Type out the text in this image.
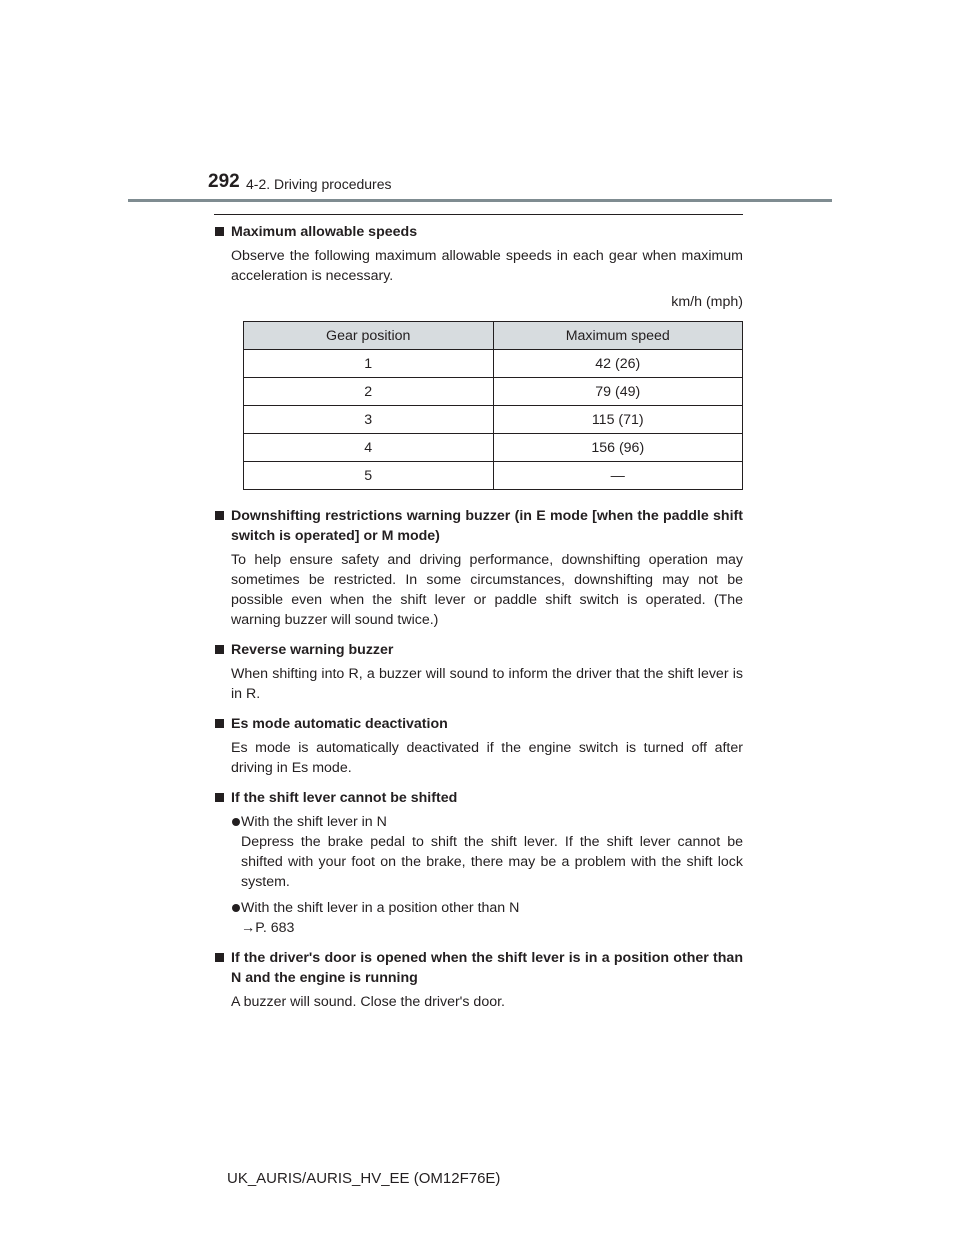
292 4-2. Driving procedures
Maximum allowable speeds
Observe the following maximum allowable speeds in each gear when maximum acceleration is necessary.
km/h (mph)
Gear position	Maximum speed
1	42 (26)
2	79 (49)
3	115 (71)
4	156 (96)
5	—
Downshifting restrictions warning buzzer (in E mode [when the paddle shift switch is operated] or M mode)
To help ensure safety and driving performance, downshifting operation may sometimes be restricted. In some circumstances, downshifting may not be possible even when the shift lever or paddle shift switch is operated. (The warning buzzer will sound twice.)
Reverse warning buzzer
When shifting into R, a buzzer will sound to inform the driver that the shift lever is in R.
Es mode automatic deactivation
Es mode is automatically deactivated if the engine switch is turned off after driving in Es mode.
If the shift lever cannot be shifted
With the shift lever in N
Depress the brake pedal to shift the shift lever. If the shift lever cannot be shifted with your foot on the brake, there may be a problem with the shift lock system.
With the shift lever in a position other than N
→P. 683
If the driver's door is opened when the shift lever is in a position other than N and the engine is running
A buzzer will sound. Close the driver's door.
UK_AURIS/AURIS_HV_EE (OM12F76E)
